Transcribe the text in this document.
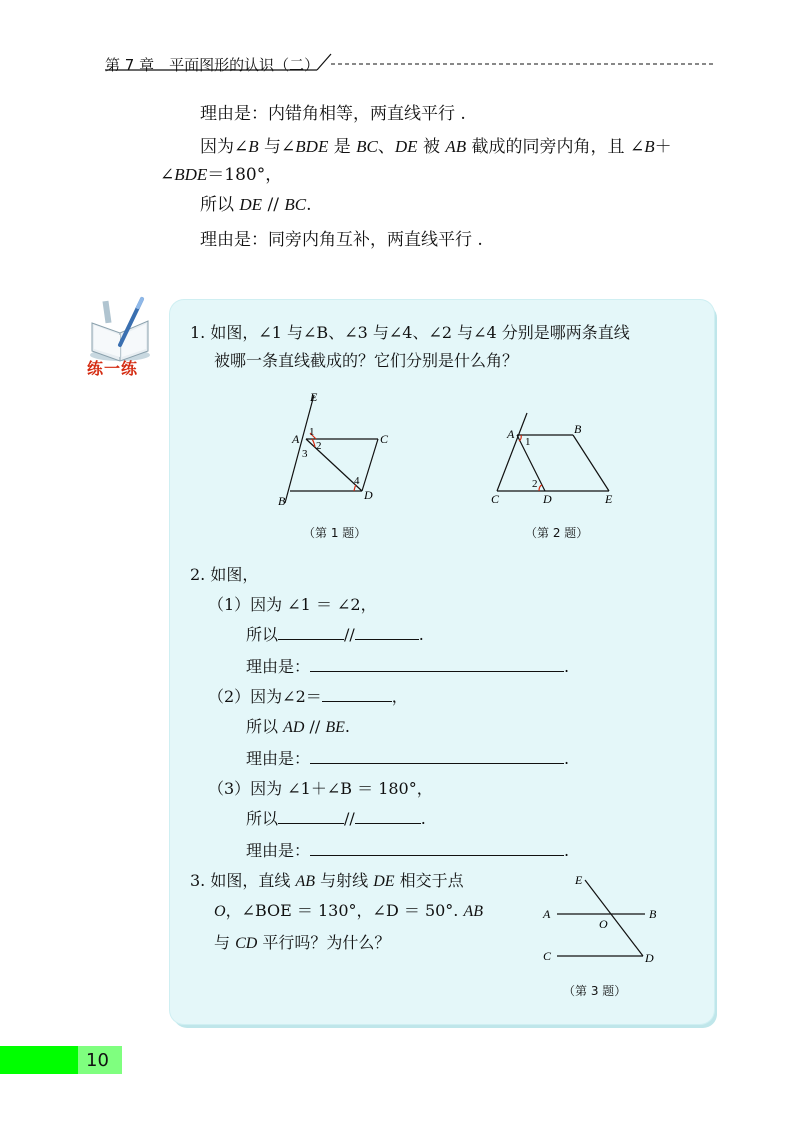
第 7 章　平面图形的认识（二）
理由是：内错角相等，两直线平行 .
因为∠B 与∠BDE 是 BC、DE 被 AB 截成的同旁内角，且 ∠B＋
∠BDE＝180°，
所以 DE // BC.
理由是：同旁内角互补，两直线平行 .
练一练
1. 如图，∠1 与∠B、∠3 与∠4、∠2 与∠4 分别是哪两条直线
被哪一条直线截成的？它们分别是什么角？
E
A	C
B	D
1
2
3
4
（第 1 题）
A	B
C	D	E
1
2
（第 2 题）
2. 如图，
（1）因为 ∠1 ＝ ∠2，
所以	//	.
理由是：	.
（2）因为∠2＝	，
所以 AD // BE.
理由是：	.
（3）因为 ∠1＋∠B ＝ 180°，
所以	//	.
理由是：	.
3. 如图，直线 AB 与射线 DE 相交于点
O，∠BOE ＝ 130°，∠D ＝ 50°. AB
与 CD 平行吗？为什么？
E
A	B
O
C	D
（第 3 题）
10
